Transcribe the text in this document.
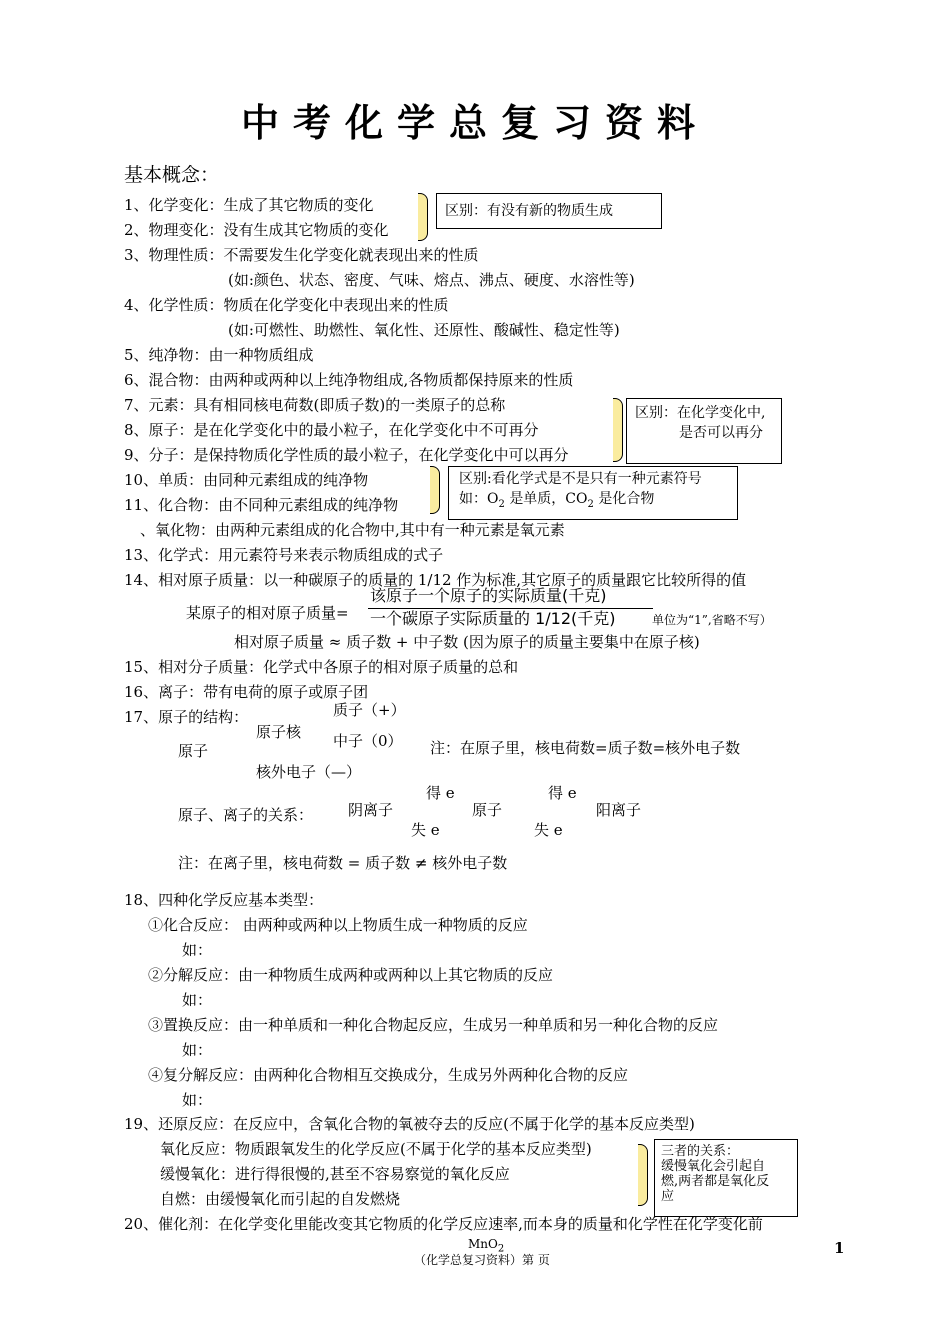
中考化学总复习资料
基本概念：
1、化学变化：生成了其它物质的变化
2、物理变化：没有生成其它物质的变化
区别：有没有新的物质生成
3、物理性质：不需要发生化学变化就表现出来的性质
(如:颜色、状态、密度、气味、熔点、沸点、硬度、水溶性等)
4、化学性质：物质在化学变化中表现出来的性质
(如:可燃性、助燃性、氧化性、还原性、酸碱性、稳定性等)
5、纯净物：由一种物质组成
6、混合物：由两种或两种以上纯净物组成,各物质都保持原来的性质
7、元素：具有相同核电荷数(即质子数)的一类原子的总称
8、原子：是在化学变化中的最小粒子，在化学变化中不可再分
9、分子：是保持物质化学性质的最小粒子，在化学变化中可以再分
区别：在化学变化中,
是否可以再分
10、单质：由同种元素组成的纯净物
11、化合物：由不同种元素组成的纯净物
区别:看化学式是不是只有一种元素符号
如：$O_2$ 是单质，$CO_2$ 是化合物
、氧化物：由两种元素组成的化合物中,其中有一种元素是氧元素
13、化学式：用元素符号来表示物质组成的式子
14、相对原子质量：以一种碳原子的质量的 1/12 作为标准,其它原子的质量跟它比较所得的值
某原子的相对原子质量=
该原子一个原子的实际质量(千克)
一个碳原子实际质量的 1/12(千克)	单位为“1”,省略不写）
相对原子质量 ≈ 质子数 + 中子数 (因为原子的质量主要集中在原子核)
15、相对分子质量：化学式中各原子的相对原子质量的总和
16、离子：带有电荷的原子或原子团
17、原子的结构：	质子（+）
原子核 中子（0）
原子	注：在原子里，核电荷数=质子数=核外电子数
核外电子（—）
得 e	得 e
原子、离子的关系： 阴离子	原子	阳离子
失 e	失 e
注：在离子里，核电荷数 = 质子数 ≠ 核外电子数
18、四种化学反应基本类型：
①化合反应： 由两种或两种以上物质生成一种物质的反应
如：
②分解反应：由一种物质生成两种或两种以上其它物质的反应
如：
③置换反应：由一种单质和一种化合物起反应，生成另一种单质和另一种化合物的反应
如：
④复分解反应：由两种化合物相互交换成分，生成另外两种化合物的反应
如：
19、还原反应：在反应中，含氧化合物的氧被夺去的反应(不属于化学的基本反应类型)
氧化反应：物质跟氧发生的化学反应(不属于化学的基本反应类型)
缓慢氧化：进行得很慢的,甚至不容易察觉的氧化反应
自燃：由缓慢氧化而引起的自发燃烧
三者的关系：
缓慢氧化会引起自
燃,两者都是氧化反
应
20、催化剂：在化学变化里能改变其它物质的化学反应速率,而本身的质量和化学性在化学变化前
MnO$_2$
（化学总复习资料）第 页
1
